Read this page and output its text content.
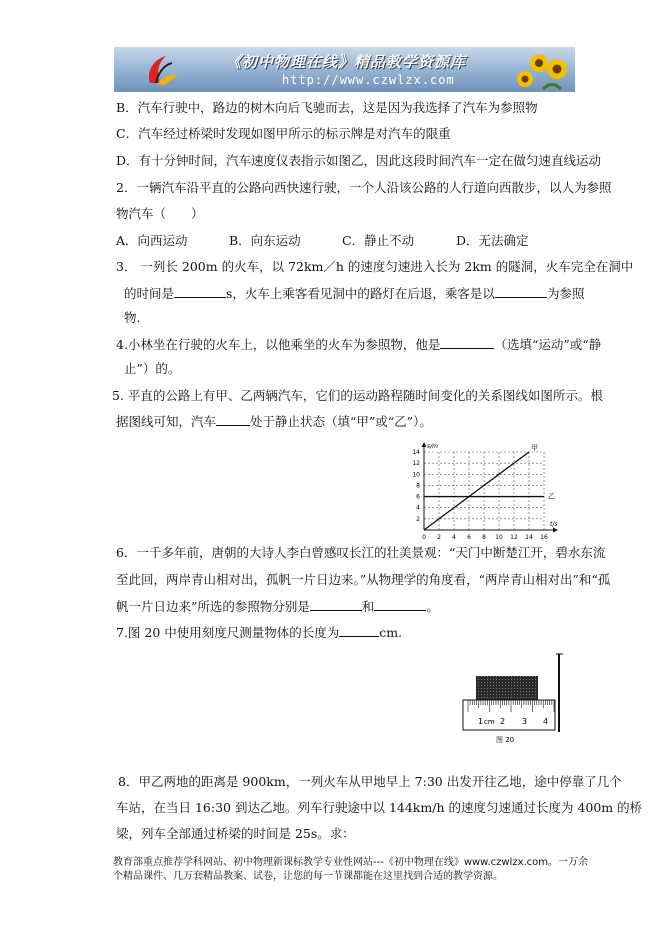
《初中物理在线》精品教学资源库
http://www.czwlzx.com
B．汽车行驶中，路边的树木向后飞驰而去，这是因为我选择了汽车为参照物
C．汽车经过桥梁时发现如图甲所示的标示牌是对汽车的限重
D．有十分钟时间，汽车速度仪表指示如图乙，因此这段时间汽车一定在做匀速直线运动
2．一辆汽车沿平直的公路向西快速行驶，一个人沿该公路的人行道向西散步，以人为参照
物汽车（　　）
A．向西运动	B．向东运动	C．静止不动	D．无法确定
3． 一列长 200m 的火车，以 72km／h 的速度匀速进入长为 2km 的隧洞，火车完全在洞中
的时间是	s，火车上乘客看见洞中的路灯在后退，乘客是以	为参照
物.
4.小林坐在行驶的火车上，以他乘坐的火车为参照物，他是	（选填“运动”或“静
止”）的。
5. 平直的公路上有甲、乙两辆汽车，它们的运动路程随时间变化的关系图线如图所示。根
据图线可知，汽车	处于静止状态（填“甲”或“乙”）。
0 2 4 6 8 10 12 14 16
2
4
6
8
10
12
14
s/m
t/s
甲
乙
6．一千多年前，唐朝的大诗人李白曾感叹长江的壮美景观：“天门中断楚江开，碧水东流
至此回，两岸青山相对出，孤帆一片日边来。”从物理学的角度看，“两岸青山相对出”和“孤
帆一片日边来”所选的参照物分别是	和	。
7.图 20 中使用刻度尺测量物体的长度为	cm.
1 cm 2 3 4
图 20
8．甲乙两地的距离是 900km，一列火车从甲地早上 7:30 出发开往乙地，途中停靠了几个
车站，在当日 16:30 到达乙地。列车行驶途中以 144km/h 的速度匀速通过长度为 400m 的桥
梁，列车全部通过桥梁的时间是 25s。求：
教育部重点推荐学科网站、初中物理新课标教学专业性网站---《初中物理在线》www.czwlzx.com。一万余
个精品课件、几万套精品教案、试卷，让您的每一节课都能在这里找到合适的教学资源。
